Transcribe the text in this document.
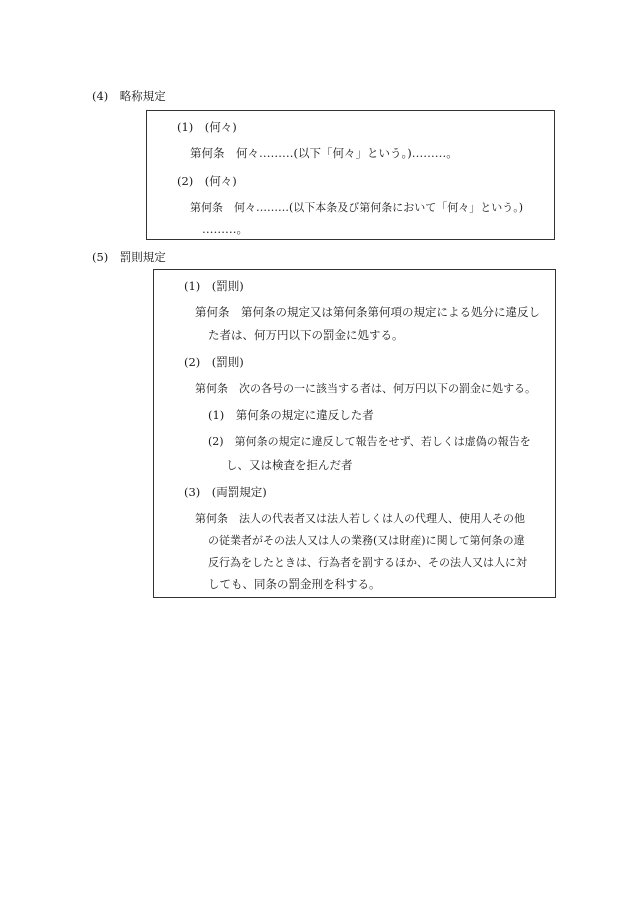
(4)　略称規定
(1)　(何々)
第何条　何々………(以下「何々」という。)………。
(2)　(何々)
第何条　何々………(以下本条及び第何条において「何々」という。)
………。
(5)　罰則規定
(1)　(罰則)
第何条　第何条の規定又は第何条第何項の規定による処分に違反し
た者は、何万円以下の罰金に処する。
(2)　(罰則)
第何条　次の各号の一に該当する者は、何万円以下の罰金に処する。
(1)　第何条の規定に違反した者
(2)　第何条の規定に違反して報告をせず、若しくは虚偽の報告を
し、又は検査を拒んだ者
(3)　(両罰規定)
第何条　法人の代表者又は法人若しくは人の代理人、使用人その他
の従業者がその法人又は人の業務(又は財産)に関して第何条の違
反行為をしたときは、行為者を罰するほか、その法人又は人に対
しても、同条の罰金刑を科する。
